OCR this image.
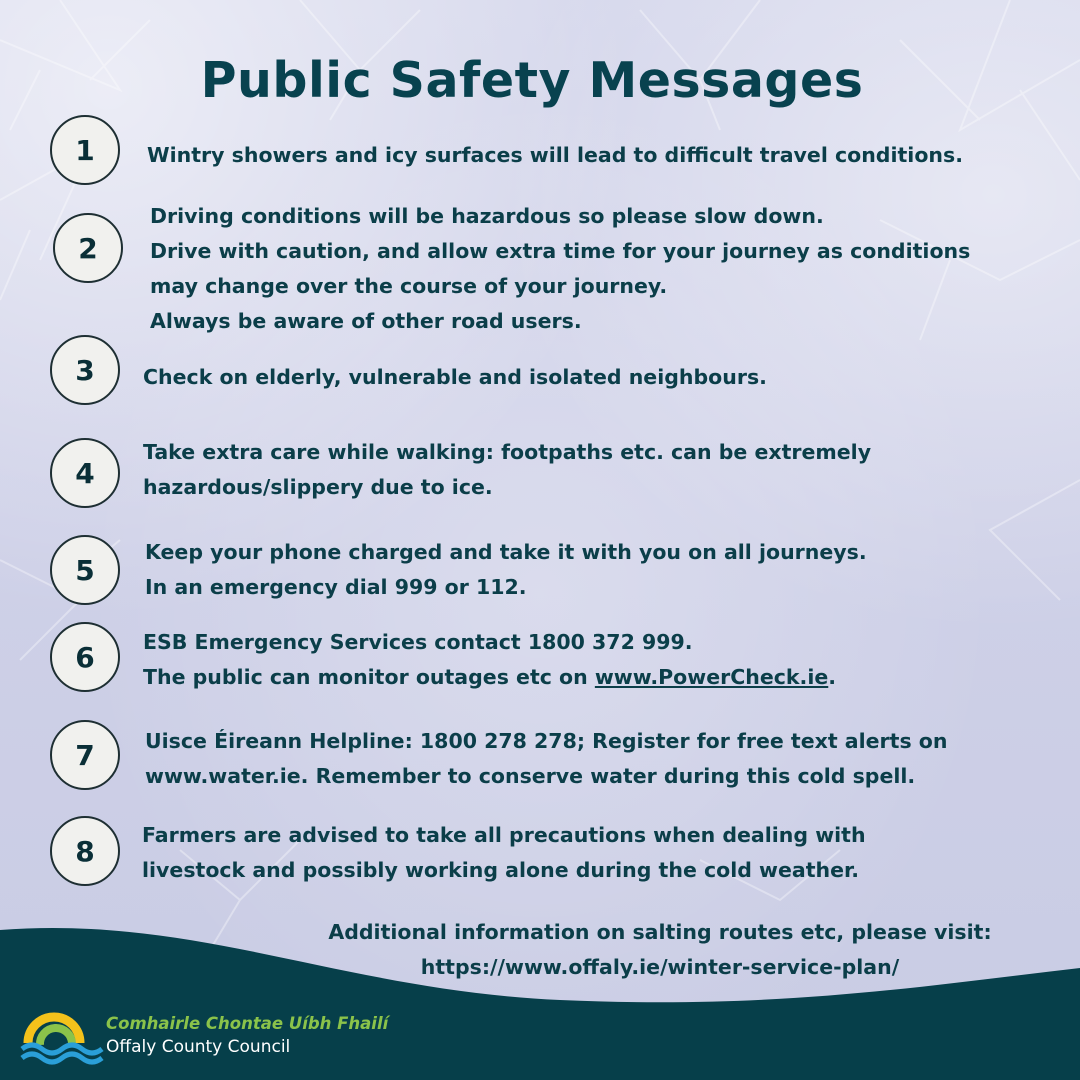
Public Safety Messages
1	Wintry showers and icy surfaces will lead to difficult travel conditions.
2
Driving conditions will be hazardous so please slow down.
Drive with caution, and allow extra time for your journey as conditions
may change over the course of your journey.
Always be aware of other road users.
3	Check on elderly, vulnerable and isolated neighbours.
4
Take extra care while walking: footpaths etc. can be extremely
hazardous/slippery due to ice.
5
Keep your phone charged and take it with you on all journeys.
In an emergency dial 999 or 112.
6	ESB Emergency Services contact 1800 372 999.
The public can monitor outages etc on www.PowerCheck.ie.
7	Uisce Éireann Helpline: 1800 278 278; Register for free text alerts on
www.water.ie. Remember to conserve water during this cold spell.
8	Farmers are advised to take all precautions when dealing with
livestock and possibly working alone during the cold weather.
Additional information on salting routes etc, please visit:
https://www.offaly.ie/winter-service-plan/
Comhairle Chontae Uíbh Fhailí
Offaly County Council
